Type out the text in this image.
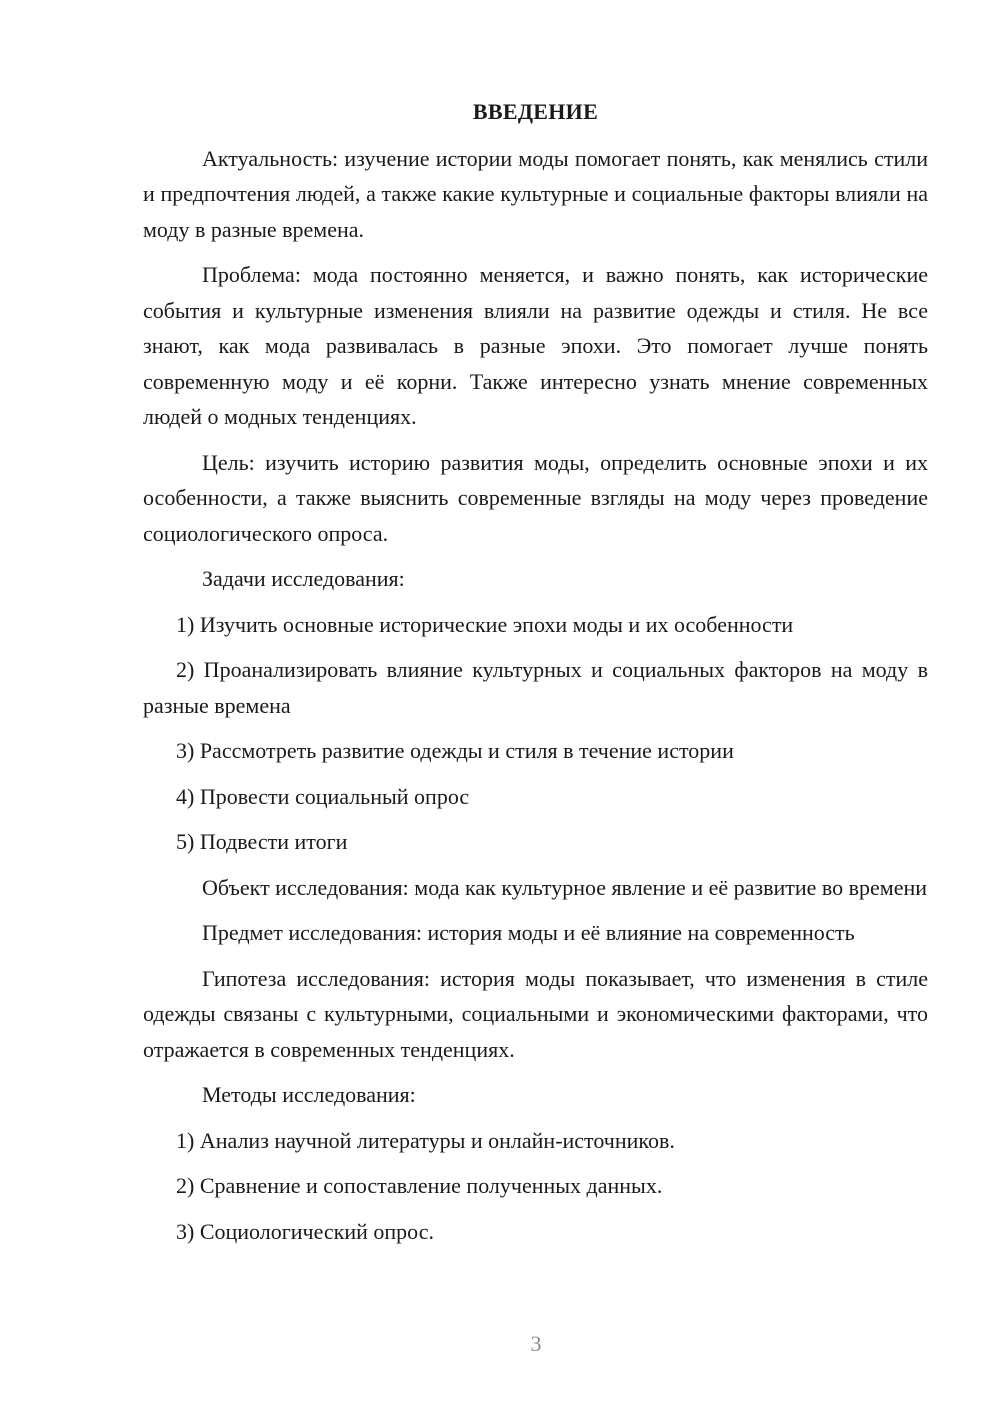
ВВЕДЕНИЕ

Актуальность: изучение истории моды помогает понять, как менялись стили и предпочтения людей, а также какие культурные и социальные факторы влияли на моду в разные времена.

Проблема: мода постоянно меняется, и важно понять, как исторические события и культурные изменения влияли на развитие одежды и стиля. Не все знают, как мода развивалась в разные эпохи. Это помогает лучше понять современную моду и её корни. Также интересно узнать мнение современных людей о модных тенденциях.

Цель: изучить историю развития моды, определить основные эпохи и их особенности, а также выяснить современные взгляды на моду через проведение социологического опроса.

Задачи исследования:

1) Изучить основные исторические эпохи моды и их особенности

2) Проанализировать влияние культурных и социальных факторов на моду в разные времена

3) Рассмотреть развитие одежды и стиля в течение истории

4) Провести социальный опрос

5) Подвести итоги

Объект исследования: мода как культурное явление и её развитие во времени

Предмет исследования: история моды и её влияние на современность

Гипотеза исследования: история моды показывает, что изменения в стиле одежды связаны с культурными, социальными и экономическими факторами, что отражается в современных тенденциях.

Методы исследования:

1) Анализ научной литературы и онлайн-источников.

2) Сравнение и сопоставление полученных данных.

3) Социологический опрос.

3
